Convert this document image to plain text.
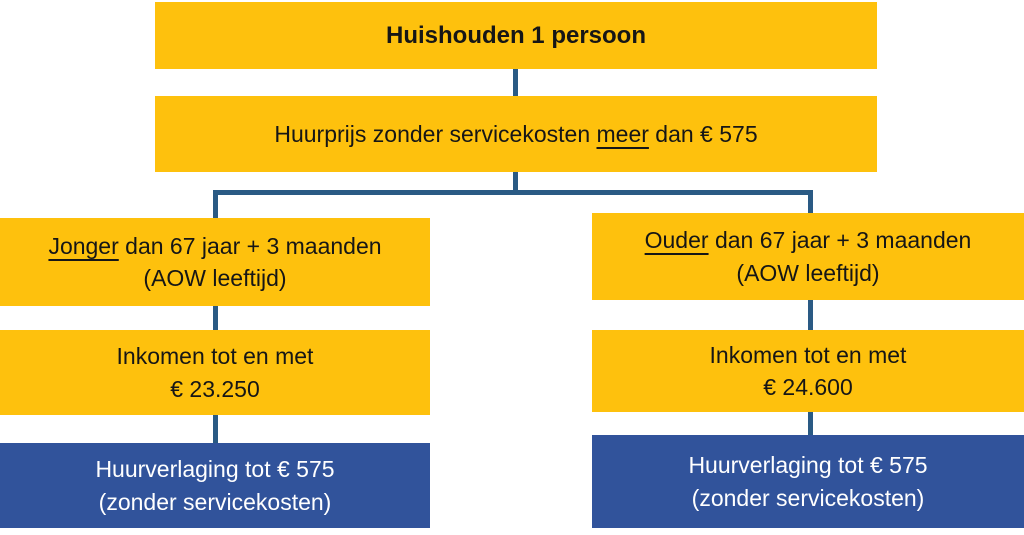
Huishouden 1 persoon

Huurprijs zonder servicekosten meer dan € 575

Jonger dan 67 jaar + 3 maanden

(AOW leeftijd)

Inkomen tot en met

€ 23.250

Huurverlaging tot € 575

(zonder servicekosten)

Ouder dan 67 jaar + 3 maanden

(AOW leeftijd)

Inkomen tot en met

€ 24.600

Huurverlaging tot € 575

(zonder servicekosten)
